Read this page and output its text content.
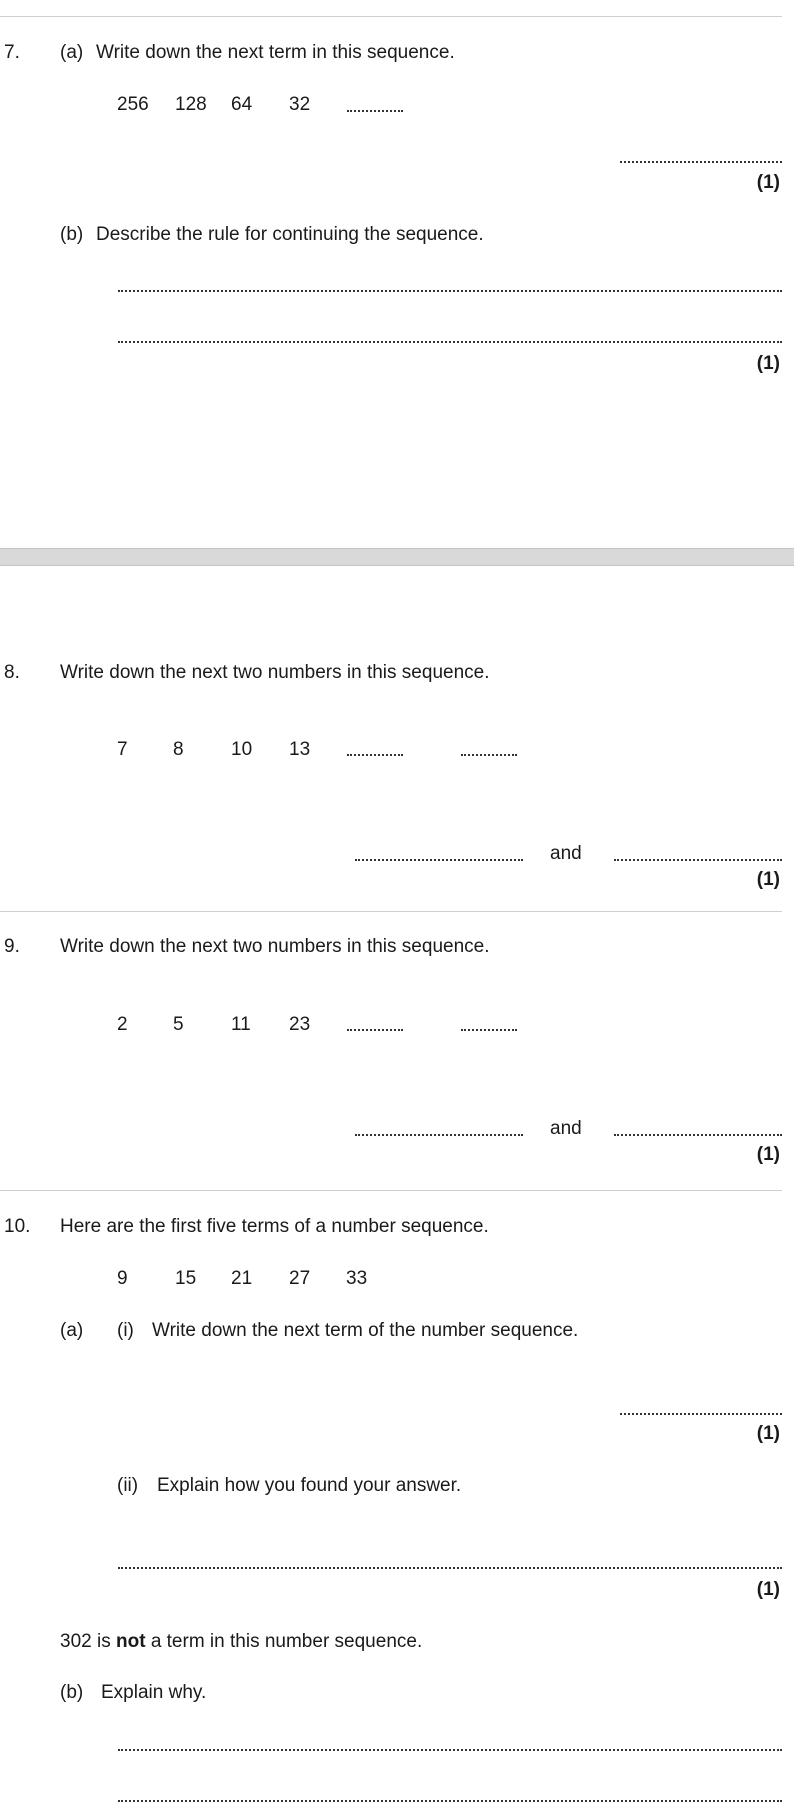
7. (a) Write down the next term in this sequence.
256 128 64 32
(1)
(b) Describe the rule for continuing the sequence.
(1)
8. Write down the next two numbers in this sequence.
7 8 10 13
and
(1)
9. Write down the next two numbers in this sequence.
2 5 11 23
and
(1)
10. Here are the first five terms of a number sequence.
9 15 21 27 33
(a) (i) Write down the next term of the number sequence.
(1)
(ii) Explain how you found your answer.
(1)
302 is not a term in this number sequence.
(b) Explain why.
